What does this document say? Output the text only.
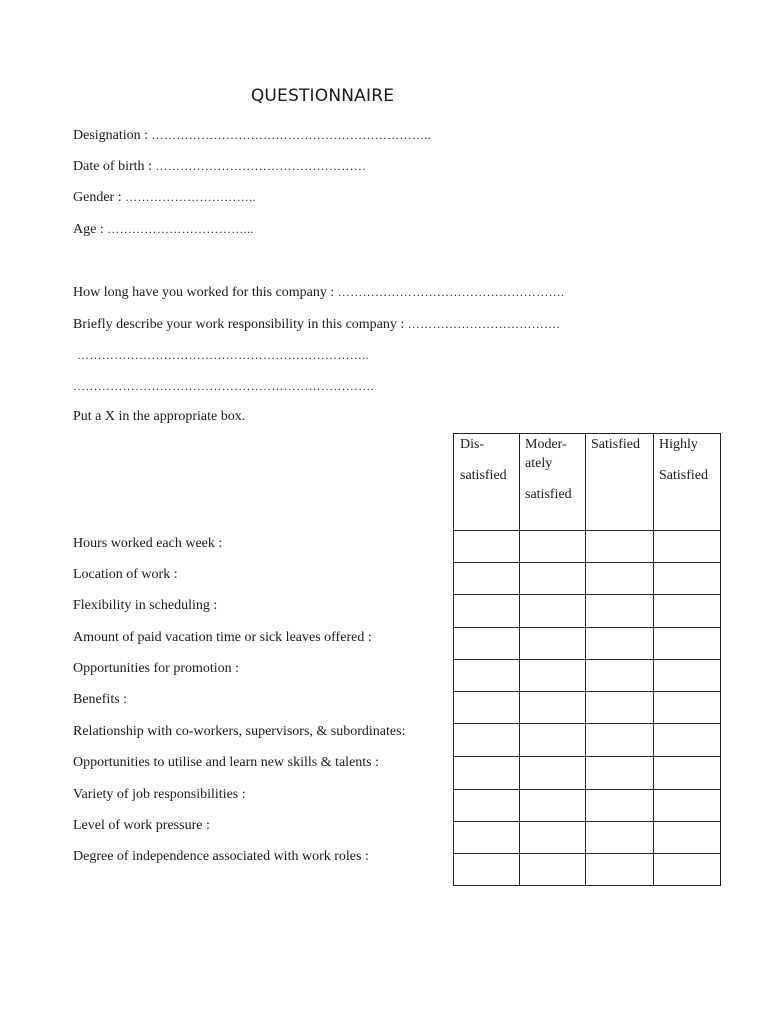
QUESTIONNAIRE
Designation : …………………………………………………………..
Date of birth : ……………………………………………
Gender : …………………………..
Age : ……………………………...
How long have you worked for this company : ……………………………………………….
Briefly describe your work responsibility in this company : ……………………………….
……………………………………………………………..
……………………………………………………………….
Put a X in the appropriate box.
Hours worked each week :
Location of work :
Flexibility in scheduling :
Amount of paid vacation time or sick leaves offered :
Opportunities for promotion :
Benefits :
Relationship with co-workers, supervisors, & subordinates:
Opportunities to utilise and learn new skills & talents :
Variety of job responsibilities :
Level of work pressure :
Degree of independence associated with work roles :
Dis-
satisfied
Moder-
ately
satisfied
Satisfied	Highly
Satisfied
